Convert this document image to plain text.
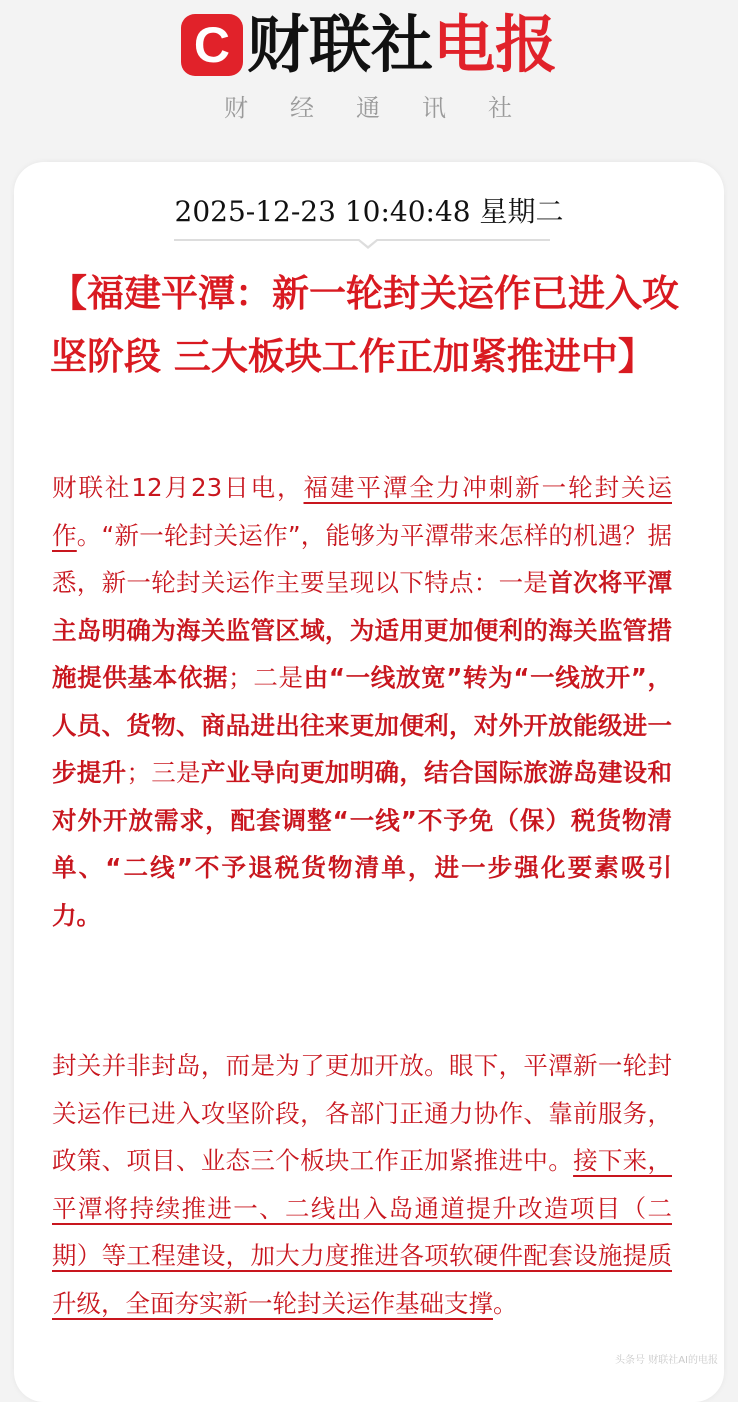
C 财联社电报
财经通讯社
2025-12-23 10:40:48 星期二
【福建平潭：新一轮封关运作已进入攻坚阶段 三大板块工作正加紧推进中】

财联社12月23日电，福建平潭全力冲刺新一轮封关运作。“新一轮封关运作”，能够为平潭带来怎样的机遇？据悉，新一轮封关运作主要呈现以下特点：一是首次将平潭主岛明确为海关监管区域，为适用更加便利的海关监管措施提供基本依据；二是由“一线放宽”转为“一线放开”，人员、货物、商品进出往来更加便利，对外开放能级进一步提升；三是产业导向更加明确，结合国际旅游岛建设和对外开放需求，配套调整“一线”不予免（保）税货物清单、“二线”不予退税货物清单，进一步强化要素吸引力。

封关并非封岛，而是为了更加开放。眼下，平潭新一轮封关运作已进入攻坚阶段，各部门正通力协作、靠前服务，政策、项目、业态三个板块工作正加紧推进中。接下来，平潭将持续推进一、二线出入岛通道提升改造项目（二期）等工程建设，加大力度推进各项软硬件配套设施提质升级，全面夯实新一轮封关运作基础支撑。

头条号 财联社AI的电报
